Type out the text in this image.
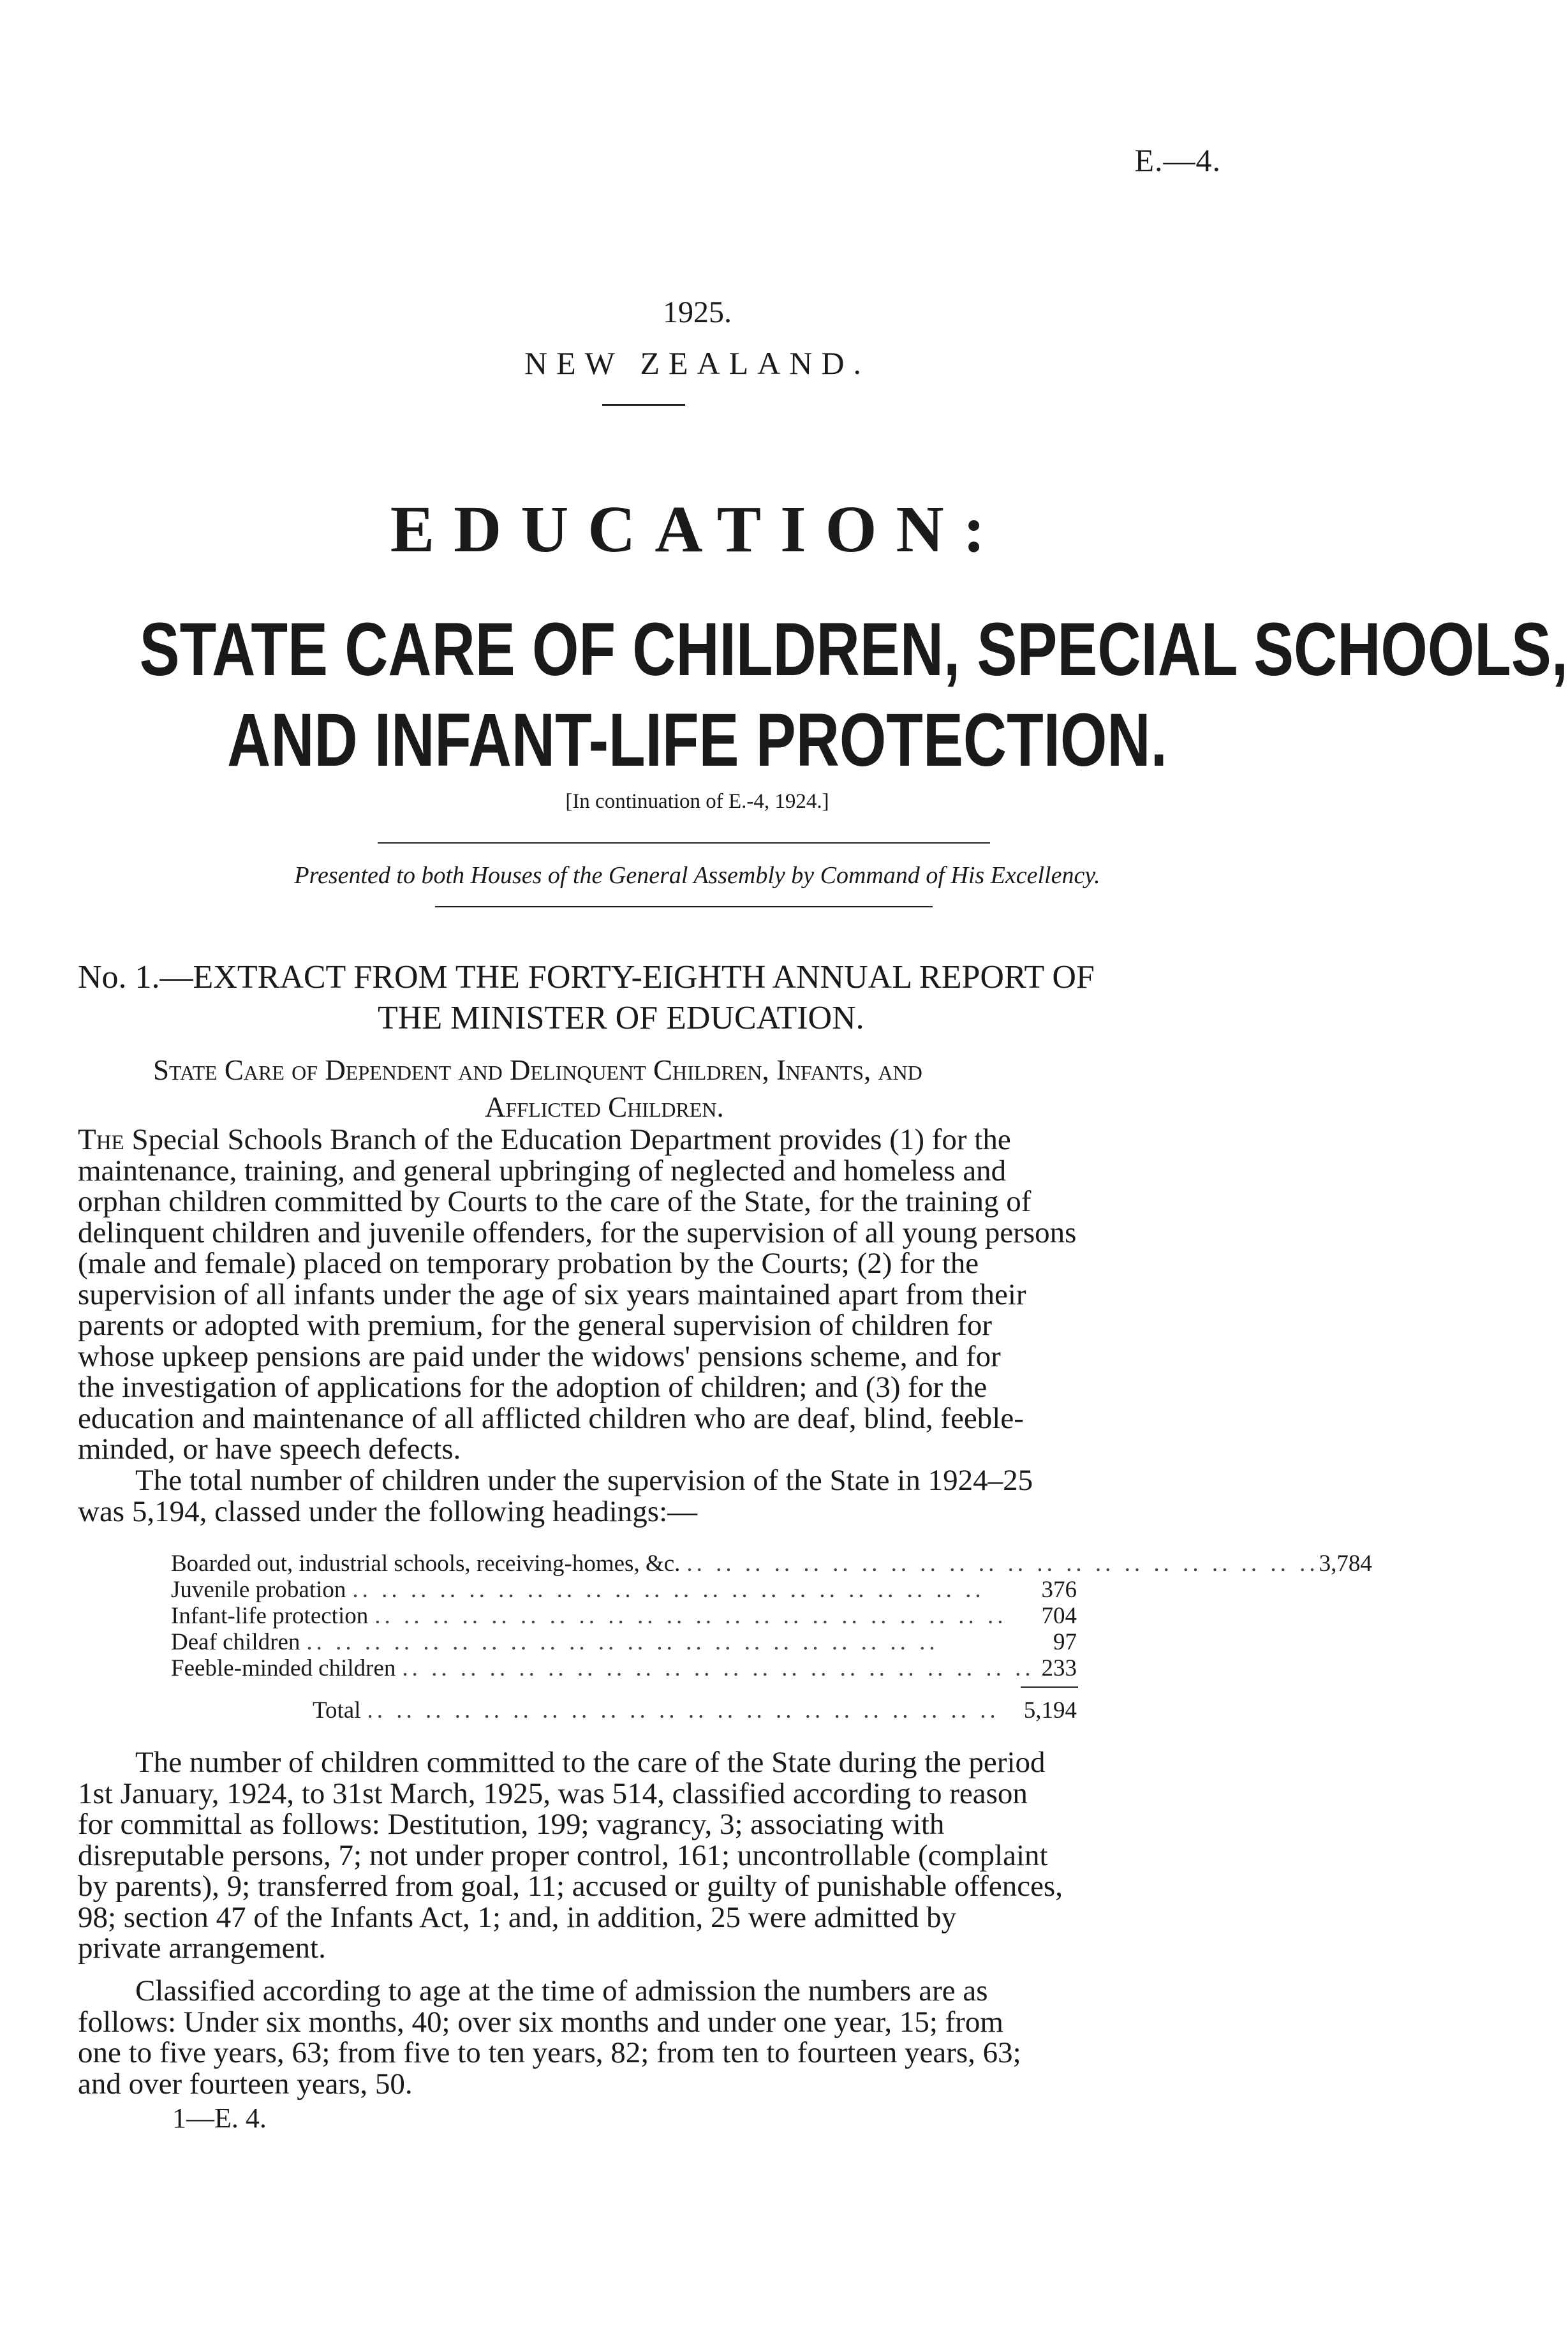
E.—4.
1925.
NEW ZEALAND.
EDUCATION:
STATE CARE OF CHILDREN, SPECIAL SCHOOLS,
AND INFANT-LIFE PROTECTION.
[In continuation of E.-4, 1924.]
Presented to both Houses of the General Assembly by Command of His Excellency.
No. 1.—EXTRACT FROM THE FORTY-EIGHTH ANNUAL REPORT OF
THE MINISTER OF EDUCATION.
State Care of Dependent and Delinquent Children, Infants, and
Afflicted Children.
The Special Schools Branch of the Education Department provides (1) for the
maintenance, training, and general upbringing of neglected and homeless and
orphan children committed by Courts to the care of the State, for the training of
delinquent children and juvenile offenders, for the supervision of all young persons
(male and female) placed on temporary probation by the Courts; (2) for the
supervision of all infants under the age of six years maintained apart from their
parents or adopted with premium, for the general supervision of children for
whose upkeep pensions are paid under the widows' pensions scheme, and for
the investigation of applications for the adoption of children; and (3) for the
education and maintenance of all afflicted children who are deaf, blind, feeble-
minded, or have speech defects.
The total number of children under the supervision of the State in 1924–25
was 5,194, classed under the following headings:—
Boarded out, industrial schools, receiving-homes, &c. .. .. .. .. .. .. .. .. .. .. .. .. .. .. .. .. .. .. .. .. .. .. 3,784
Juvenile probation .. .. .. .. .. .. .. .. .. .. .. .. .. .. .. .. .. .. .. .. .. ..	376
Infant-life protection .. .. .. .. .. .. .. .. .. .. .. .. .. .. .. .. .. .. .. .. .. ..	704
Deaf children .. .. .. .. .. .. .. .. .. .. .. .. .. .. .. .. .. .. .. .. .. ..	97
Feeble-minded children .. .. .. .. .. .. .. .. .. .. .. .. .. .. .. .. .. .. .. .. .. .. 233
Total .. .. .. .. .. .. .. .. .. .. .. .. .. .. .. .. .. .. .. .. .. ..	5,194
The number of children committed to the care of the State during the period
1st January, 1924, to 31st March, 1925, was 514, classified according to reason
for committal as follows: Destitution, 199; vagrancy, 3; associating with
disreputable persons, 7; not under proper control, 161; uncontrollable (complaint
by parents), 9; transferred from goal, 11; accused or guilty of punishable offences,
98; section 47 of the Infants Act, 1; and, in addition, 25 were admitted by
private arrangement.
Classified according to age at the time of admission the numbers are as
follows: Under six months, 40; over six months and under one year, 15; from
one to five years, 63; from five to ten years, 82; from ten to fourteen years, 63;
and over fourteen years, 50.
1—E. 4.
